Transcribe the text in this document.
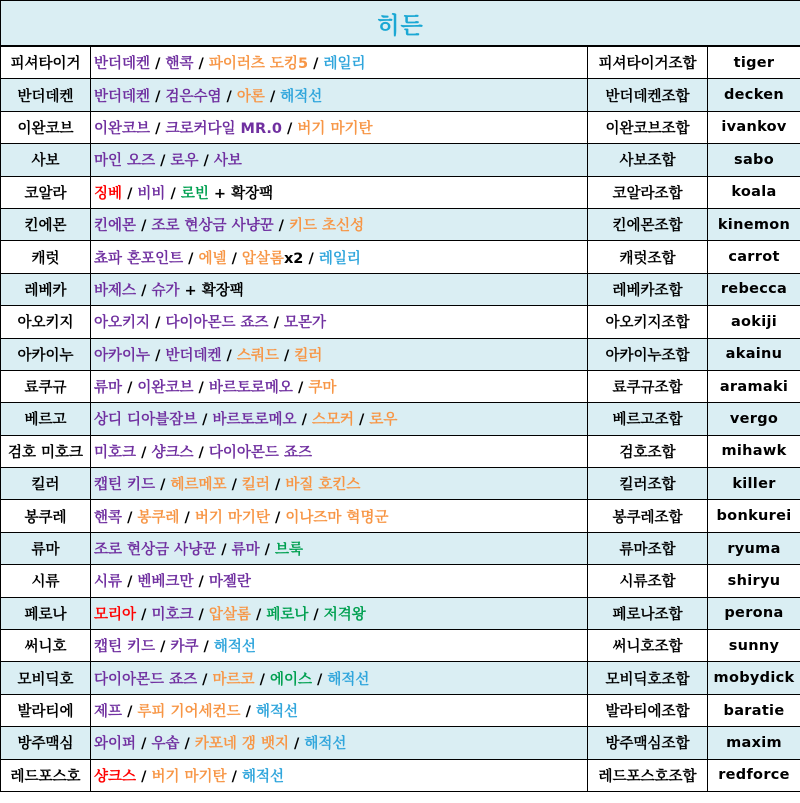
히든
피셔타이거	반더데켄 / 핸콕 / 파이러츠 도킹5 / 레일리	피셔타이거조합	tiger
반더데켄	반더데켄 / 검은수염 / 아론 / 해적선	반더데켄조합	decken
이완코브	이완코브 / 크로커다일 MR.0 / 버기 마기탄	이완코브조합	ivankov
사보	마인 오즈 / 로우 / 사보	사보조합	sabo
코알라	징베 / 비비 / 로빈 + 확장팩	코알라조합	koala
킨에몬	킨에몬 / 조로 현상금 사냥꾼 / 키드 초신성	킨에몬조합	kinemon
캐럿	쵸파 혼포인트 / 에넬 / 압살롬x2 / 레일리	캐럿조합	carrot
레베카	바제스 / 슈가 + 확장팩	레베카조합	rebecca
아오키지	아오키지 / 다이아몬드 죠즈 / 모몬가	아오키지조합	aokiji
아카이누	아카이누 / 반더데켄 / 스쿼드 / 킬러	아카이누조합	akainu
료쿠규	류마 / 이완코브 / 바르토로메오 / 쿠마	료쿠규조합	aramaki
베르고	상디 디아블잠브 / 바르토로메오 / 스모커 / 로우	베르고조합	vergo
검호 미호크	미호크 / 샹크스 / 다이아몬드 죠즈	검호조합	mihawk
킬러	캡틴 키드 / 헤르메포 / 킬러 / 바질 호킨스	킬러조합	killer
봉쿠레	핸콕 / 봉쿠레 / 버기 마기탄 / 이나즈마 혁명군	봉쿠레조합	bonkurei
류마	조로 현상금 사냥꾼 / 류마 / 브룩	류마조합	ryuma
시류	시류 / 벤베크만 / 마젤란	시류조합	shiryu
페로나	모리아 / 미호크 / 압살롬 / 페로나 / 저격왕	페로나조합	perona
써니호	캡틴 키드 / 카쿠 / 해적선	써니호조합	sunny
모비딕호	다이아몬드 죠즈 / 마르코 / 에이스 / 해적선	모비딕호조합	mobydick
발라티에	제프 / 루피 기어세컨드 / 해적선	발라티에조합	baratie
방주맥심	와이퍼 / 우솝 / 카포네 갱 뱃지 / 해적선	방주맥심조합	maxim
레드포스호	샹크스 / 버기 마기탄 / 해적선	레드포스호조합	redforce
